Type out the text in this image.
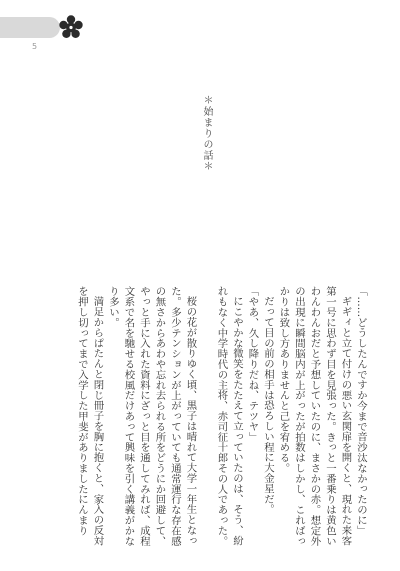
5
＊始まりの話＊

「……どうしたんですか今まで音沙汰なかったのに」

ギギィと立て付けの悪い玄関扉を開くと、現れた来客第一号に思わず目を見張った。きっと一番乗りは黄色いわんわんおだと予想していたのに、まさかの赤。想定外の出現に瞬間脳内が上がったが拍数はしかし、こればっかりは致し方ありませんと己を宥める。

だって目の前の相手は恐ろしい程に大金星だ。

「やあ、久し降りだね、テツヤ」

にこやかな微笑をたたえて立っていたのは、そう、紛れもなく中学時代の主将、赤司征十郎その人であった。

桜の花が散りゆく頃、黒子は晴れて大学一年生となった。多少テンションが上がっていても通常運行な存在感の無さからあわや忘れ去られる所をどうにか回避して、やっと手に入れた資料にざっと目を通してみれば、成程文系で名を馳せる校風だけあって興味を引く講義がかなり多い。

満足からぱたんと閉じ冊子を胸に抱くと、家入の反対を押し切ってまで入学した甲斐がありましたにんまり
